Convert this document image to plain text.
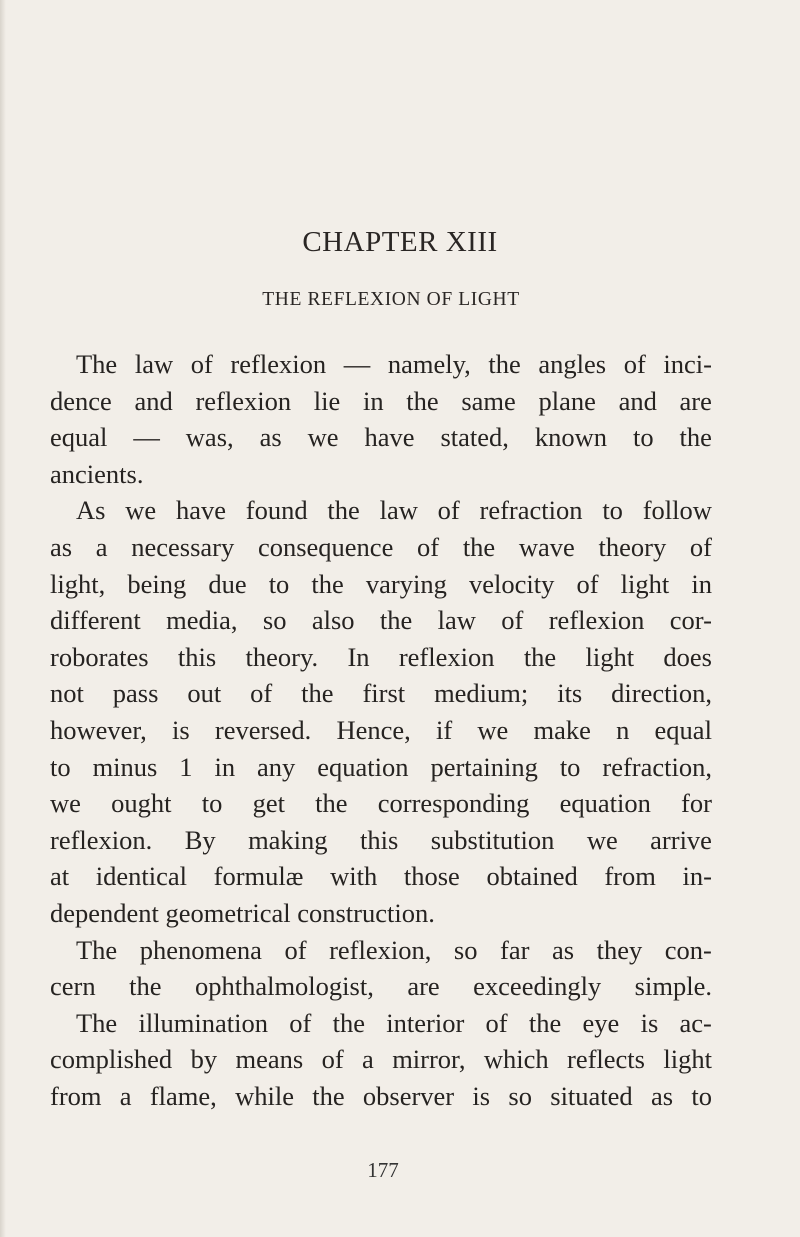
CHAPTER XIII
THE REFLEXION OF LIGHT
The law of reflexion — namely, the angles of inci-
dence and reflexion lie in the same plane and are
equal — was, as we have stated, known to the
ancients.
As we have found the law of refraction to follow
as a necessary consequence of the wave theory of
light, being due to the varying velocity of light in
different media, so also the law of reflexion cor-
roborates this theory. In reflexion the light does
not pass out of the first medium; its direction,
however, is reversed. Hence, if we make n equal
to minus 1 in any equation pertaining to refraction,
we ought to get the corresponding equation for
reflexion. By making this substitution we arrive
at identical formulæ with those obtained from in-
dependent geometrical construction.
The phenomena of reflexion, so far as they con-
cern the ophthalmologist, are exceedingly simple.
The illumination of the interior of the eye is ac-
complished by means of a mirror, which reflects light
from a flame, while the observer is so situated as to
177
